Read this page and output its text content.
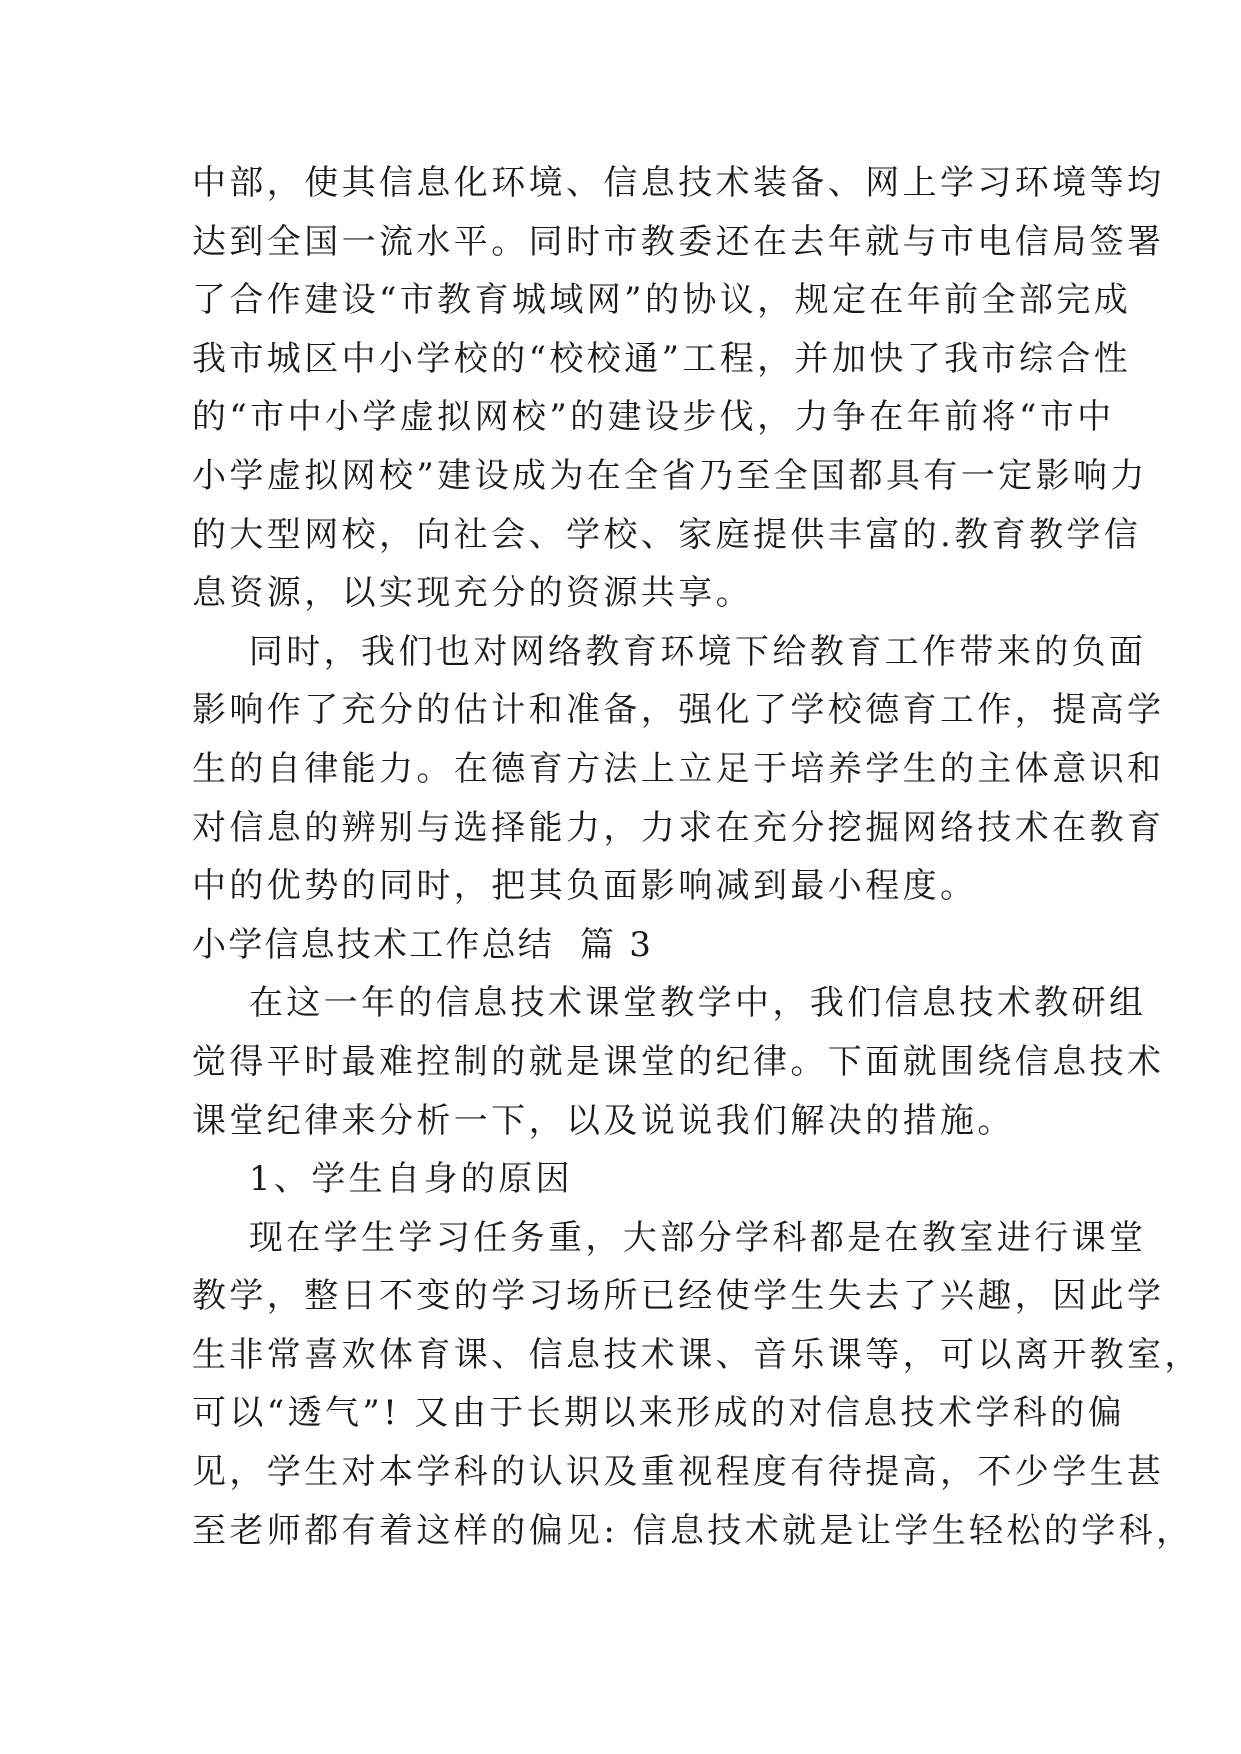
中部，使其信息化环境、信息技术装备、网上学习环境等均
达到全国一流水平。同时市教委还在去年就与市电信局签署
了合作建设“市教育城域网”的协议，规定在年前全部完成
我市城区中小学校的“校校通”工程，并加快了我市综合性
的“市中小学虚拟网校”的建设步伐，力争在年前将“市中
小学虚拟网校”建设成为在全省乃至全国都具有一定影响力
的大型网校，向社会、学校、家庭提供丰富的.教育教学信
息资源，以实现充分的资源共享。
同时，我们也对网络教育环境下给教育工作带来的负面
影响作了充分的估计和准备，强化了学校德育工作，提高学
生的自律能力。在德育方法上立足于培养学生的主体意识和
对信息的辨别与选择能力，力求在充分挖掘网络技术在教育
中的优势的同时，把其负面影响减到最小程度。
小学信息技术工作总结  篇 3
在这一年的信息技术课堂教学中，我们信息技术教研组
觉得平时最难控制的就是课堂的纪律。下面就围绕信息技术
课堂纪律来分析一下，以及说说我们解决的措施。
1、学生自身的原因
现在学生学习任务重，大部分学科都是在教室进行课堂
教学，整日不变的学习场所已经使学生失去了兴趣，因此学
生非常喜欢体育课、信息技术课、音乐课等，可以离开教室，
可以“透气”! 又由于长期以来形成的对信息技术学科的偏
见，学生对本学科的认识及重视程度有待提高，不少学生甚
至老师都有着这样的偏见: 信息技术就是让学生轻松的学科，
